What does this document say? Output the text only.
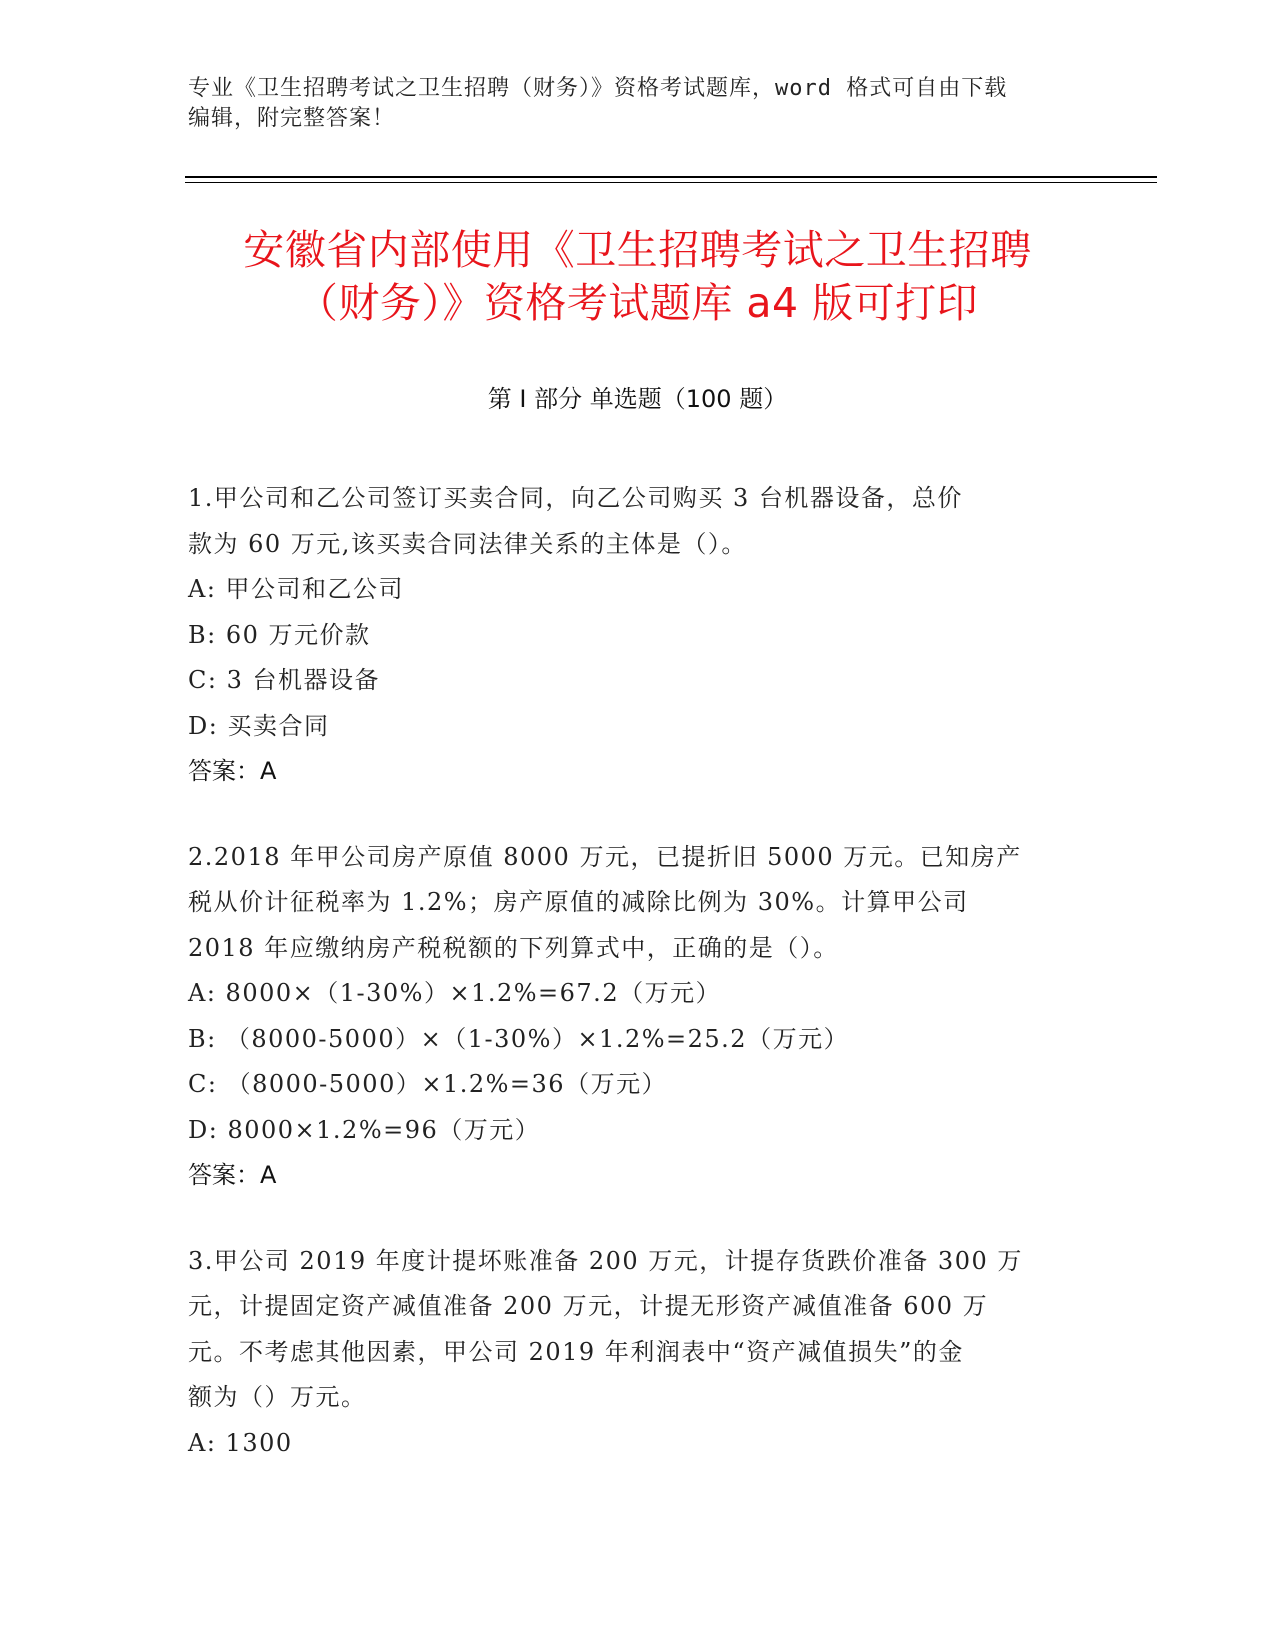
专业《卫生招聘考试之卫生招聘（财务）》资格考试题库，word 格式可自由下载
编辑，附完整答案！
安徽省内部使用《卫生招聘考试之卫生招聘
（财务）》资格考试题库 a4 版可打印
第 I 部分 单选题（100 题）
1.甲公司和乙公司签订买卖合同，向乙公司购买 3 台机器设备，总价
款为 60 万元,该买卖合同法律关系的主体是（）。
A: 甲公司和乙公司
B: 60 万元价款
C: 3 台机器设备
D: 买卖合同
答案：A
2.2018 年甲公司房产原值 8000 万元，已提折旧 5000 万元。已知房产
税从价计征税率为 1.2%；房产原值的减除比例为 30%。计算甲公司
2018 年应缴纳房产税税额的下列算式中，正确的是（）。
A: 8000×（1-30%）×1.2%=67.2（万元）
B: （8000-5000）×（1-30%）×1.2%=25.2（万元）
C: （8000-5000）×1.2%=36（万元）
D: 8000×1.2%=96（万元）
答案：A
3.甲公司 2019 年度计提坏账准备 200 万元，计提存货跌价准备 300 万
元，计提固定资产减值准备 200 万元，计提无形资产减值准备 600 万
元。不考虑其他因素，甲公司 2019 年利润表中“资产减值损失”的金
额为（）万元。
A: 1300
